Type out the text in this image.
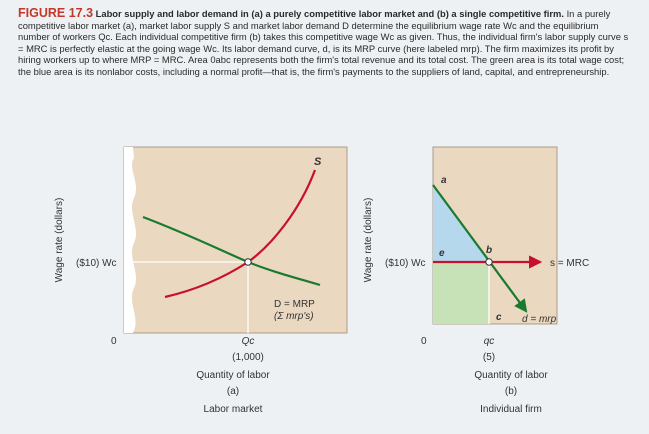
FIGURE 17.3 Labor supply and labor demand in (a) a purely competitive labor market and (b) a single competitive firm. In a purely competitive labor market (a), market labor supply S and market labor demand D determine the equilibrium wage rate Wc and the equilibrium number of workers Qc. Each individual competitive firm (b) takes this competitive wage Wc as given. Thus, the individual firm's labor supply curve s = MRC is perfectly elastic at the going wage Wc. Its labor demand curve, d, is its MRP curve (here labeled mrp). The firm maximizes its profit by hiring workers up to where MRP = MRC. Area 0abc represents both the firm's total revenue and its total cost. The green area is its total wage cost; the blue area is its nonlabor costs, including a normal profit—that is, the firm's payments to the suppliers of land, capital, and entrepreneurship.
S
D = MRP
(Σ mrp's)
($10) Wc
0	Qc
(1,000)
Quantity of labor
(a)
Labor market
Wage rate (dollars)
a
e	b
c
s = MRC
d = mrp
($10) Wc
0	qc
(5)
Quantity of labor
(b)
Individual firm
Wage rate (dollars)
